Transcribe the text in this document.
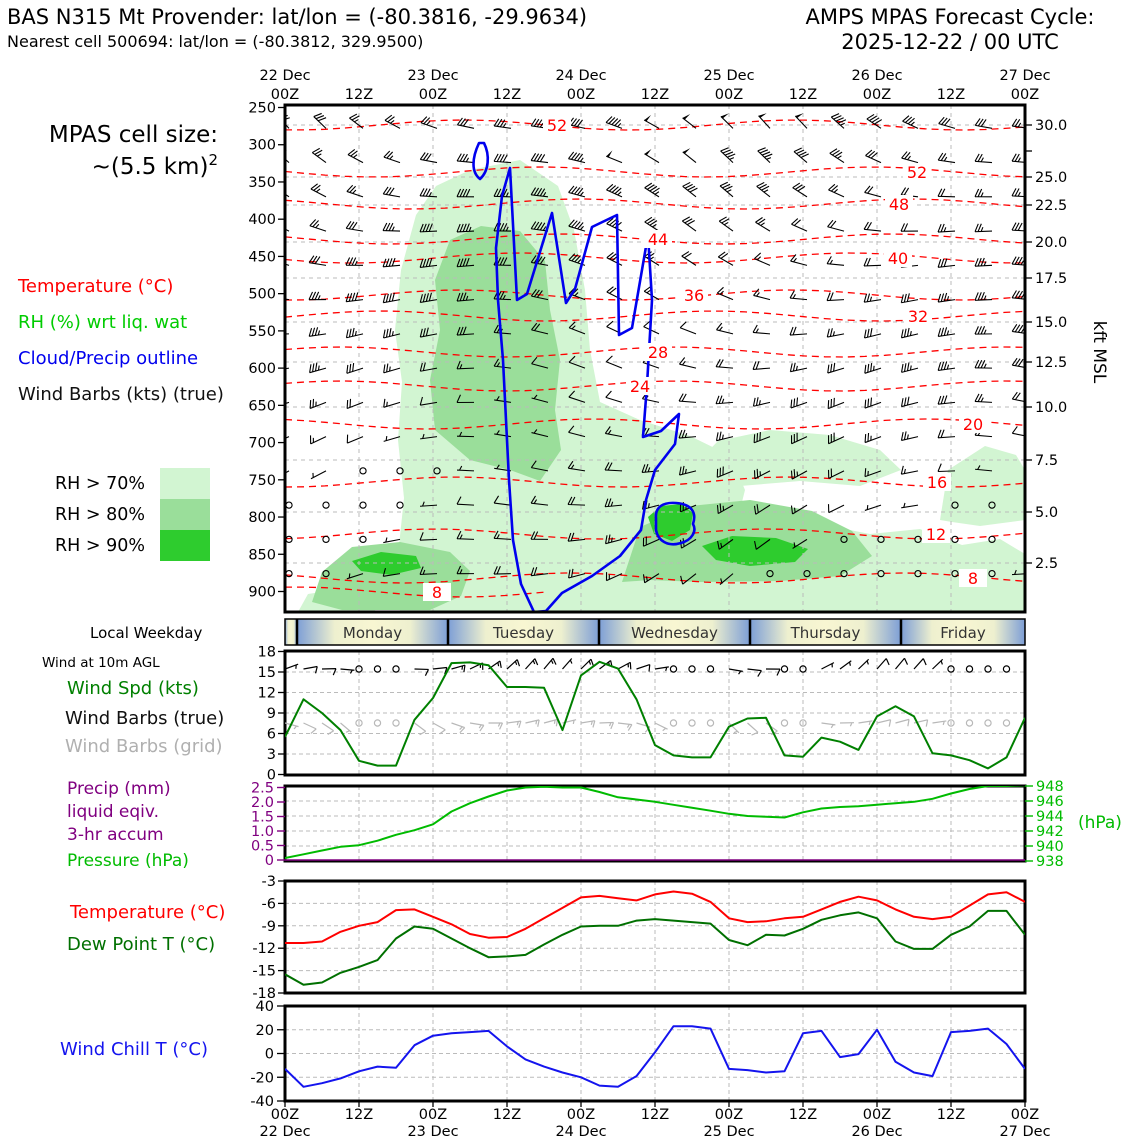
BAS N315 Mt Provender: lat/lon = (-80.3816, -29.9634)
Nearest cell 500694: lat/lon = (-80.3812, 329.9500)
AMPS MPAS Forecast Cycle:
2025-12-22 / 00 UTC
MPAS cell size:
~(5.5 km)$^2$
Temperature (°C)
RH (%) wrt liq. wat
Cloud/Precip outline
Wind Barbs (kts) (true)
kft MSL
Local Weekday
Wind at 10m AGL
Wind Spd (kts)
Wind Barbs (true)
Wind Barbs (grid)
Precip (mm)
liquid eqiv.
3-hr accum
Pressure (hPa)
(hPa)
Temperature (°C)
Dew Point T (°C)
Wind Chill T (°C)
22 Dec
00Z
23 Dec
00Z
24 Dec
00Z
25 Dec
00Z
26 Dec
00Z
27 Dec
00Z
12Z	12Z	12Z	12Z	12Z
00Z
22 Dec
00Z
23 Dec
00Z
24 Dec
00Z
25 Dec
00Z
26 Dec
00Z
27 Dec
12Z	12Z	12Z	12Z	12Z
52
52
48
44
40
36
32
28
24
20
16
12
8
8
250
300
350
400
450
500
550
600
650
700
750
800
850
900
30.0
25.0
22.5
20.0
17.5
15.0
12.5
10.0
7.5
5.0
2.5
RH > 70%
RH > 80%
RH > 90%
Monday	Tuesday	Wednesday	Thursday	Friday
18
15
12
9
6
3
0
2.5
2.0
1.5
1.0
0.5
0
948
946
944
942
940
938
-3
-6
-9
-12
-15
-18
40
20
0
-20
-40
